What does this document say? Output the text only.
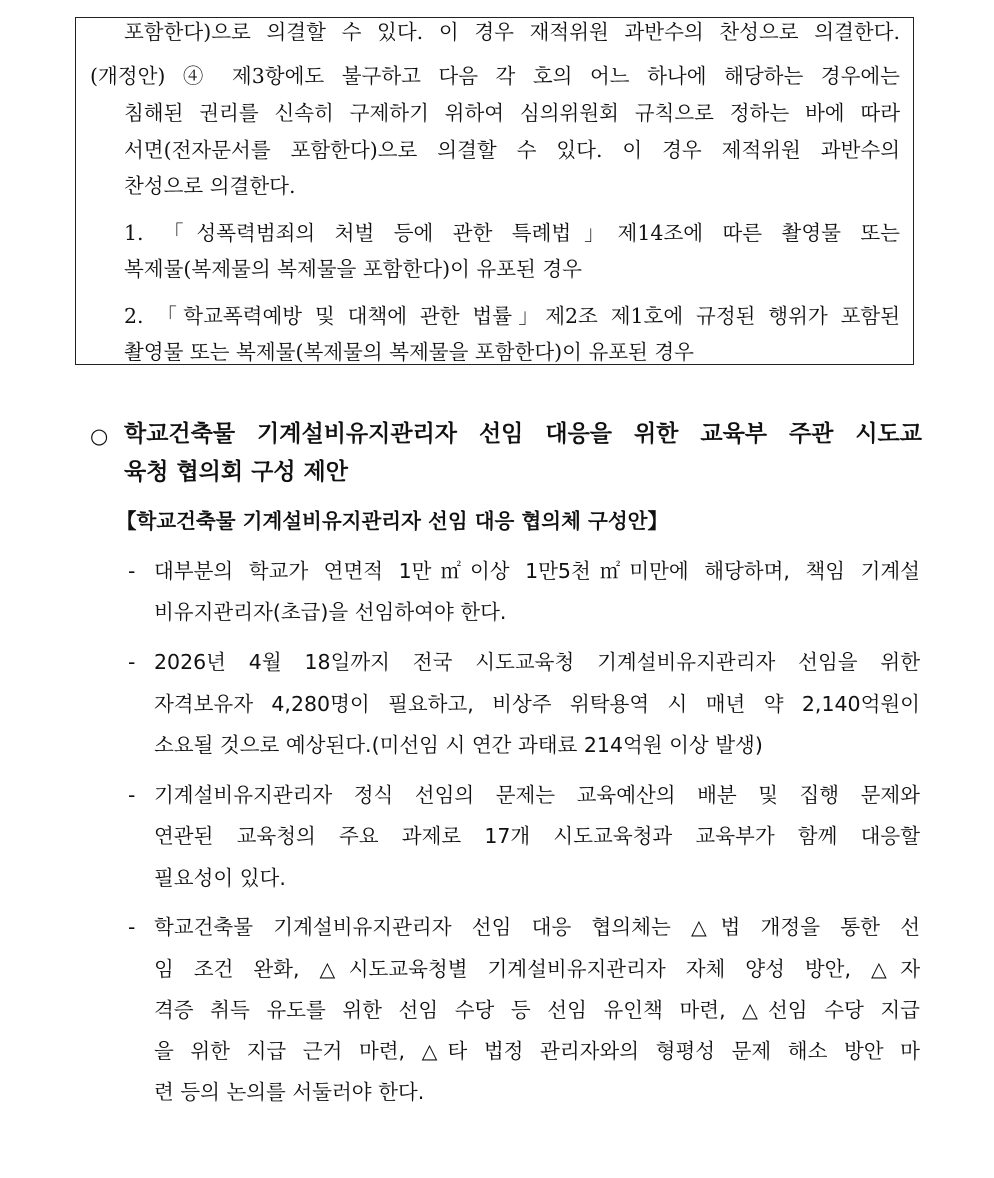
포함한다)으로 의결할 수 있다. 이 경우 재적위원 과반수의 찬성으로 의결한다.
(개정안) ④ 제3항에도 불구하고 다음 각 호의 어느 하나에 해당하는 경우에는
침해된 권리를 신속히 구제하기 위하여 심의위원회 규칙으로 정하는 바에 따라
서면(전자문서를 포함한다)으로 의결할 수 있다. 이 경우 제적위원 과반수의
찬성으로 의결한다.
1. 「성폭력범죄의 처벌 등에 관한 특례법」제14조에 따른 촬영물 또는
복제물(복제물의 복제물을 포함한다)이 유포된 경우
2. 「학교폭력예방 및 대책에 관한 법률」제2조 제1호에 규정된 행위가 포함된
촬영물 또는 복제물(복제물의 복제물을 포함한다)이 유포된 경우
○ 학교건축물 기계설비유지관리자 선임 대응을 위한 교육부 주관 시도교
육청 협의회 구성 제안
【학교건축물 기계설비유지관리자 선임 대응 협의체 구성안】
- 대부분의 학교가 연면적 1만㎡이상 1만5천㎡미만에 해당하며, 책임 기계설
비유지관리자(초급)을 선임하여야 한다.
- 2026년 4월 18일까지 전국 시도교육청 기계설비유지관리자 선임을 위한
자격보유자 4,280명이 필요하고, 비상주 위탁용역 시 매년 약 2,140억원이
소요될 것으로 예상된다.(미선임 시 연간 과태료 214억원 이상 발생)
- 기계설비유지관리자 정식 선임의 문제는 교육예산의 배분 및 집행 문제와
연관된 교육청의 주요 과제로 17개 시도교육청과 교육부가 함께 대응할
필요성이 있다.
- 학교건축물 기계설비유지관리자 선임 대응 협의체는 △법 개정을 통한 선
임 조건 완화, △시도교육청별 기계설비유지관리자 자체 양성 방안, △자
격증 취득 유도를 위한 선임 수당 등 선임 유인책 마련, △선임 수당 지급
을 위한 지급 근거 마련, △타 법정 관리자와의 형평성 문제 해소 방안 마
련 등의 논의를 서둘러야 한다.
